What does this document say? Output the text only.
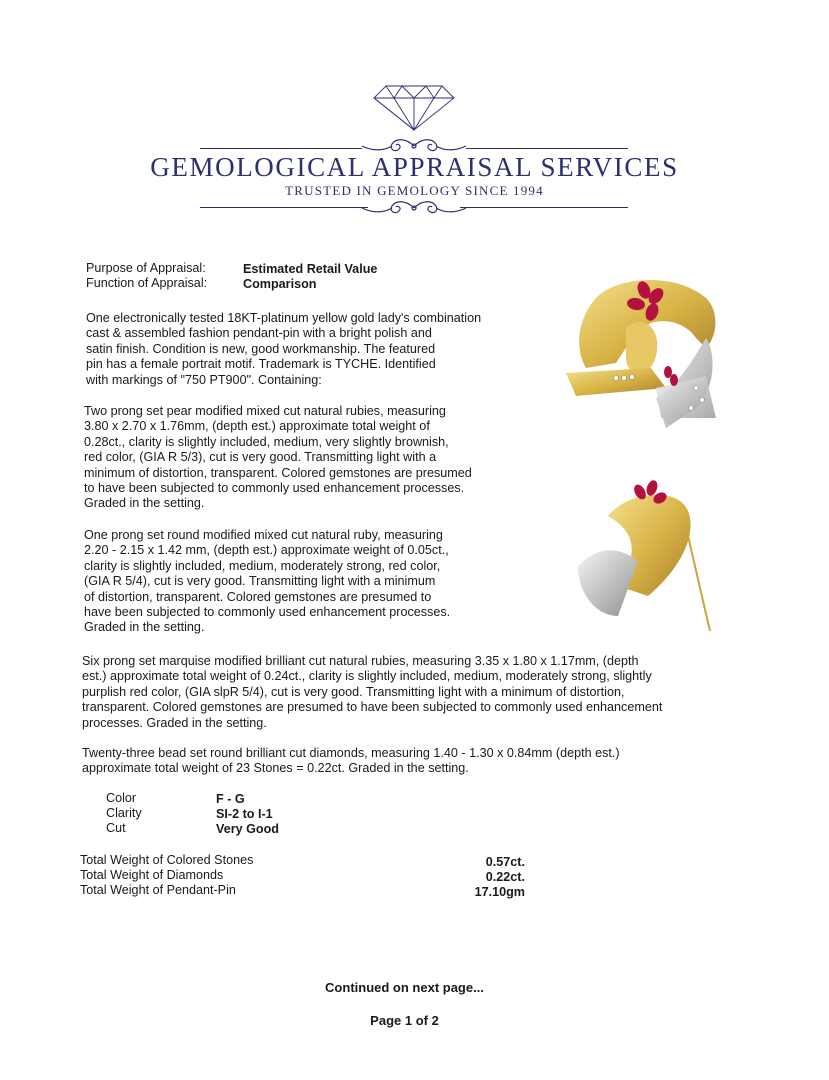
GEMOLOGICAL APPRAISAL SERVICES
TRUSTED IN GEMOLOGY SINCE 1994
Purpose of Appraisal:	Estimated Retail Value
Function of Appraisal:	Comparison
One electronically tested 18KT-platinum yellow gold lady's combination
cast & assembled fashion pendant-pin with a bright polish and
satin finish. Condition is new, good workmanship. The featured
pin has a female portrait motif. Trademark is TYCHE. Identified
with markings of "750 PT900". Containing:
Two prong set pear modified mixed cut natural rubies, measuring
3.80 x 2.70 x 1.76mm, (depth est.) approximate total weight of
0.28ct., clarity is slightly included, medium, very slightly brownish,
red color, (GIA R 5/3), cut is very good. Transmitting light with a
minimum of distortion, transparent. Colored gemstones are presumed
to have been subjected to commonly used enhancement processes.
Graded in the setting.
One prong set round modified mixed cut natural ruby, measuring
2.20 - 2.15 x 1.42 mm, (depth est.) approximate weight of 0.05ct.,
clarity is slightly included, medium, moderately strong, red color,
(GIA R 5/4), cut is very good. Transmitting light with a minimum
of distortion, transparent. Colored gemstones are presumed to
have been subjected to commonly used enhancement processes.
Graded in the setting.
Six prong set marquise modified brilliant cut natural rubies, measuring 3.35 x 1.80 x 1.17mm, (depth
est.) approximate total weight of 0.24ct., clarity is slightly included, medium, moderately strong, slightly
purplish red color, (GIA slpR 5/4), cut is very good. Transmitting light with a minimum of distortion,
transparent. Colored gemstones are presumed to have been subjected to commonly used enhancement
processes. Graded in the setting.
Twenty-three bead set round brilliant cut diamonds, measuring 1.40 - 1.30 x 0.84mm (depth est.)
approximate total weight of 23 Stones = 0.22ct. Graded in the setting.
Color	F - G
Clarity	SI-2 to I-1
Cut	Very Good
Total Weight of Colored Stones	0.57ct.
Total Weight of Diamonds	0.22ct.
Total Weight of Pendant-Pin	17.10gm
Continued on next page...
Page 1 of 2
